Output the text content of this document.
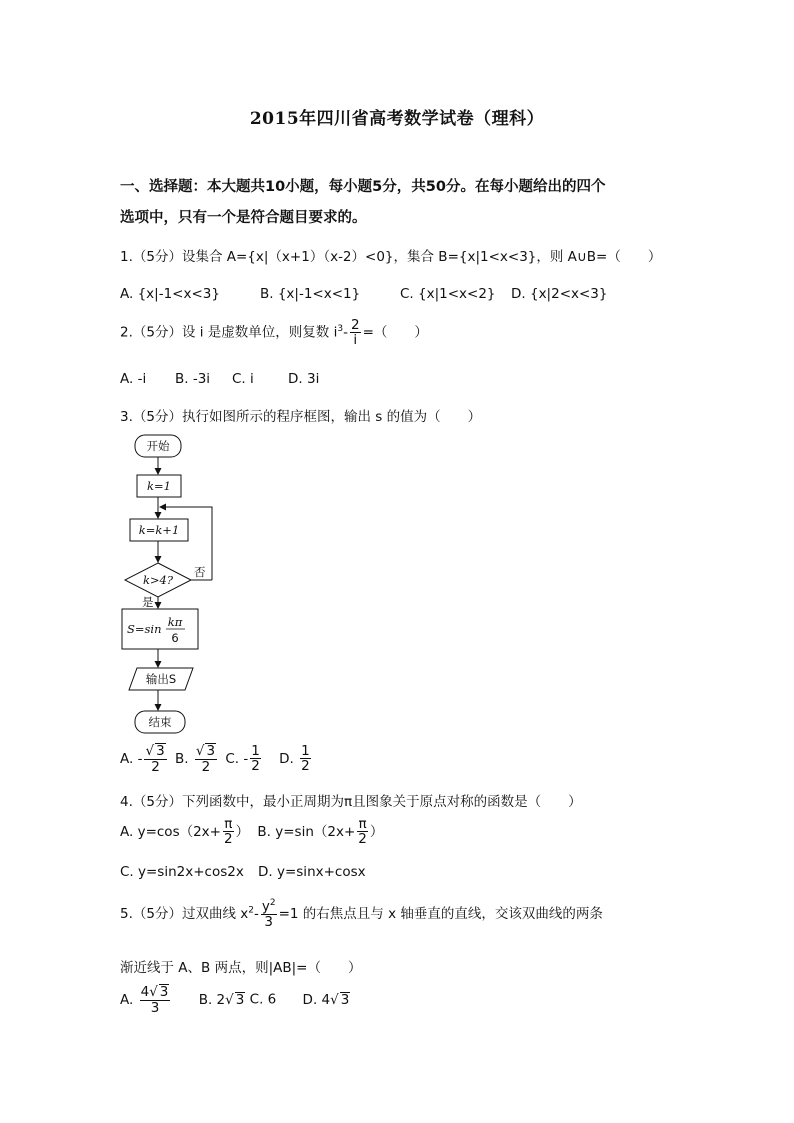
2015年四川省高考数学试卷（理科）
一、选择题：本大题共10小题，每小题5分，共50分。在每小题给出的四个
选项中，只有一个是符合题目要求的。
1.（5分）设集合 A={x|（x+1）（x-2）<0}，集合 B={x|1<x<3}，则 A∪B=（　　）
A. {x|-1<x<3}	B. {x|-1<x<1}	C. {x|1<x<2} D. {x|2<x<3}
2.（5分）设 i 是虚数单位，则复数 $i^3- \frac{2}{i}$ =（　　）
A. -i B. -3i C. i	D. 3i
3.（5分）执行如图所示的程序框图，输出 s 的值为（　　）
开始
k=1
k=k+1
k>4?
否
是
S=sin kπ
6
输出S
结束
A. - $\frac{√ 3}{2} B$. $\frac{√ 3}{2} C$. - $\frac{1}{2} D$. $\frac{1}{2}$
4.（5分）下列函数中，最小正周期为π且图象关于原点对称的函数是（　　）
A. $y=\cos(2x+ \frac{\pi}{2}$ ） B. $y=\sin(2x+ \frac{\pi}{2}$ ）
C. y=sin2x+cos2x D. y=sinx+cosx
5.（5分）过双曲线 $x^2- \frac{y^2}{3} =1$ 的右焦点且与 x 轴垂直的直线，交该双曲线的两条
渐近线于 A、B 两点，则|AB|=（　　）
A. $\frac{4√ 3}{3} B$. 2√ 3 C. 6 D. 4√ 3
